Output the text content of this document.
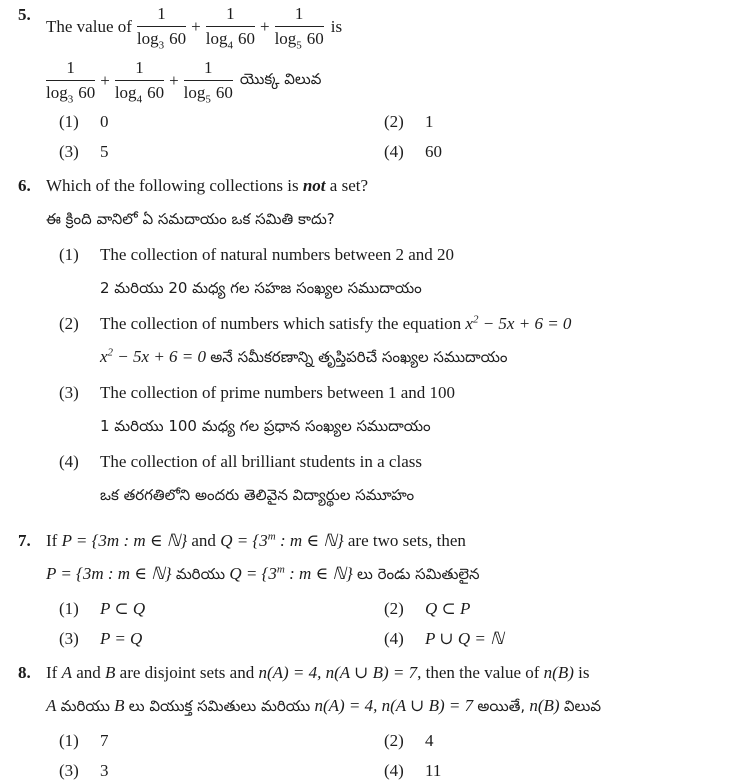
5.
The value of $\frac{1}{\log_3 60} + \frac{1}{\log_4 60} + \frac{1}{\log_5 60}$ is
$\frac{1}{\log_3 60} + \frac{1}{\log_4 60} + \frac{1}{\log_5 60}$ యొక్క విలువ
(1)	0	(2)	1
(3)	5	(4)	60
6. Which of the following collections is not a set?
ఈ క్రింది వానిలో ఏ సమదాయం ఒక సమితి కాదు?
(1)	The collection of natural numbers between 2 and 20
2 మరియు 20 మధ్య గల సహజ సంఖ్యల సముదాయం
(2)	The collection of numbers which satisfy the equation $x^2 - 5x + 6 = 0$
$x^2 - 5x + 6 = 0$ అనే సమీకరణాన్ని తృప్తిపరిచే సంఖ్యల సముదాయం
(3)	The collection of prime numbers between 1 and 100
1 మరియు 100 మధ్య గల ప్రధాన సంఖ్యల సముదాయం
(4)	The collection of all brilliant students in a class
ఒక తరగతిలోని అందరు తెలివైన విద్యార్థుల సమూహం
7. If P = {3m : m ∈ ℕ} and $Q = \{3^m$ : m ∈ ℕ} are two sets, then
P = {3m : m ∈ ℕ} మరియు $Q = \{3^m$ : m ∈ ℕ} లు రెండు సమితులైన
(1)	P ⊂ Q	(2)	Q ⊂ P
(3)	P = Q	(4)	P ∪ Q = ℕ
8. If A and B are disjoint sets and n(A) = 4, n(A ∪ B) = 7, then the value of n(B) is
A మరియు B లు వియుక్త సమితులు మరియు n(A) = 4, n(A ∪ B) = 7 అయితే, n(B) విలువ
(1)	7	(2)	4
(3)	3	(4)	11
